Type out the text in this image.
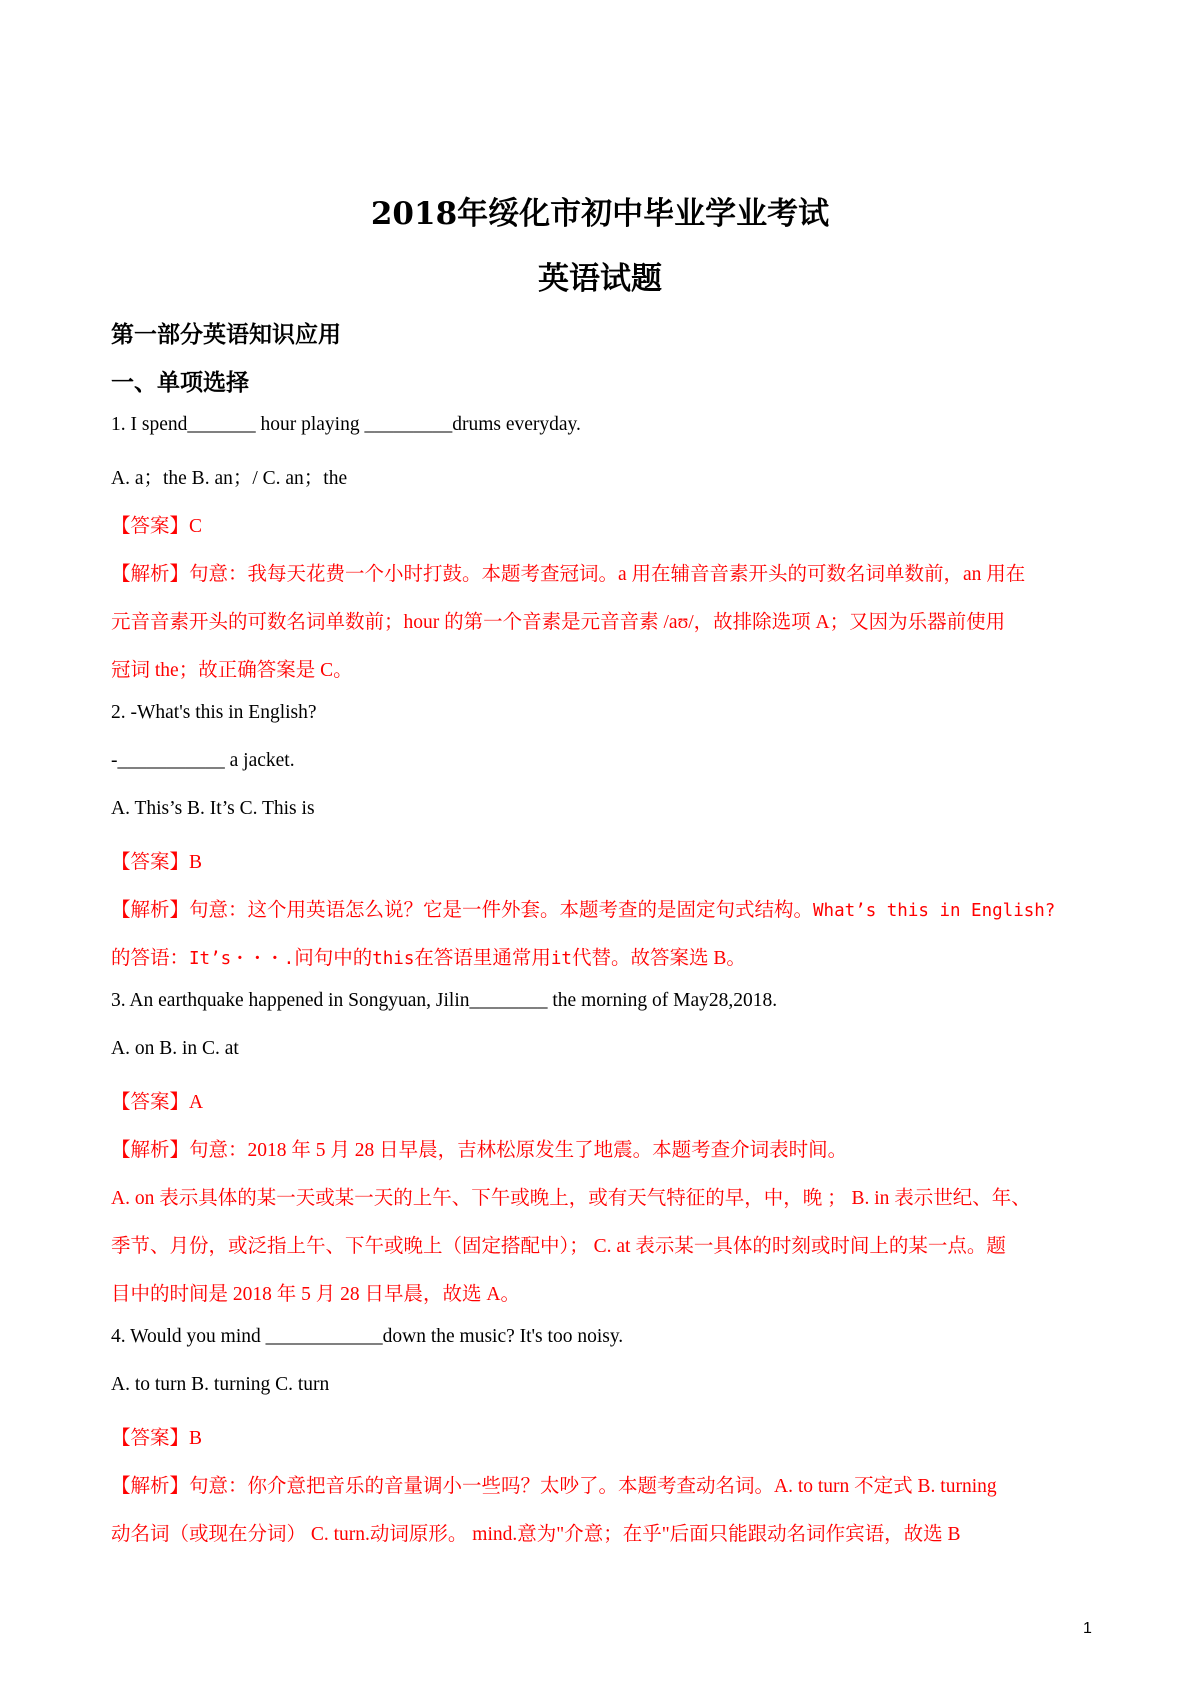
2018年绥化市初中毕业学业考试
英语试题
第一部分英语知识应用
一、单项选择
1. I spend_______ hour playing _________drums everyday.
A. a；the B. an；/ C. an；the
【答案】C
【解析】句意：我每天花费一个小时打鼓。本题考查冠词。a 用在辅音音素开头的可数名词单数前，an 用在
元音音素开头的可数名词单数前；hour 的第一个音素是元音音素 /aʊ/，故排除选项 A；又因为乐器前使用
冠词 the；故正确答案是 C。
2. -What's this in English?
-___________ a jacket.
A. This’s B. It’s C. This is
【答案】B
【解析】句意：这个用英语怎么说？它是一件外套。本题考查的是固定句式结构。What’s this in English?
的答语：It’s・・・.问句中的this在答语里通常用it代替。故答案选 B。
3. An earthquake happened in Songyuan, Jilin________ the morning of May28,2018.
A. on B. in C. at
【答案】A
【解析】句意：2018 年 5 月 28 日早晨，吉林松原发生了地震。本题考查介词表时间。
A. on 表示具体的某一天或某一天的上午、下午或晚上，或有天气特征的早，中，晚 ； B. in 表示世纪、年、
季节、月份，或泛指上午、下午或晚上（固定搭配中）； C. at 表示某一具体的时刻或时间上的某一点。题
目中的时间是 2018 年 5 月 28 日早晨，故选 A。
4. Would you mind ____________down the music? It's too noisy.
A. to turn B. turning C. turn
【答案】B
【解析】句意：你介意把音乐的音量调小一些吗？太吵了。本题考查动名词。A. to turn 不定式 B. turning
动名词（或现在分词） C. turn.动词原形。 mind.意为"介意；在乎"后面只能跟动名词作宾语，故选 B
1
